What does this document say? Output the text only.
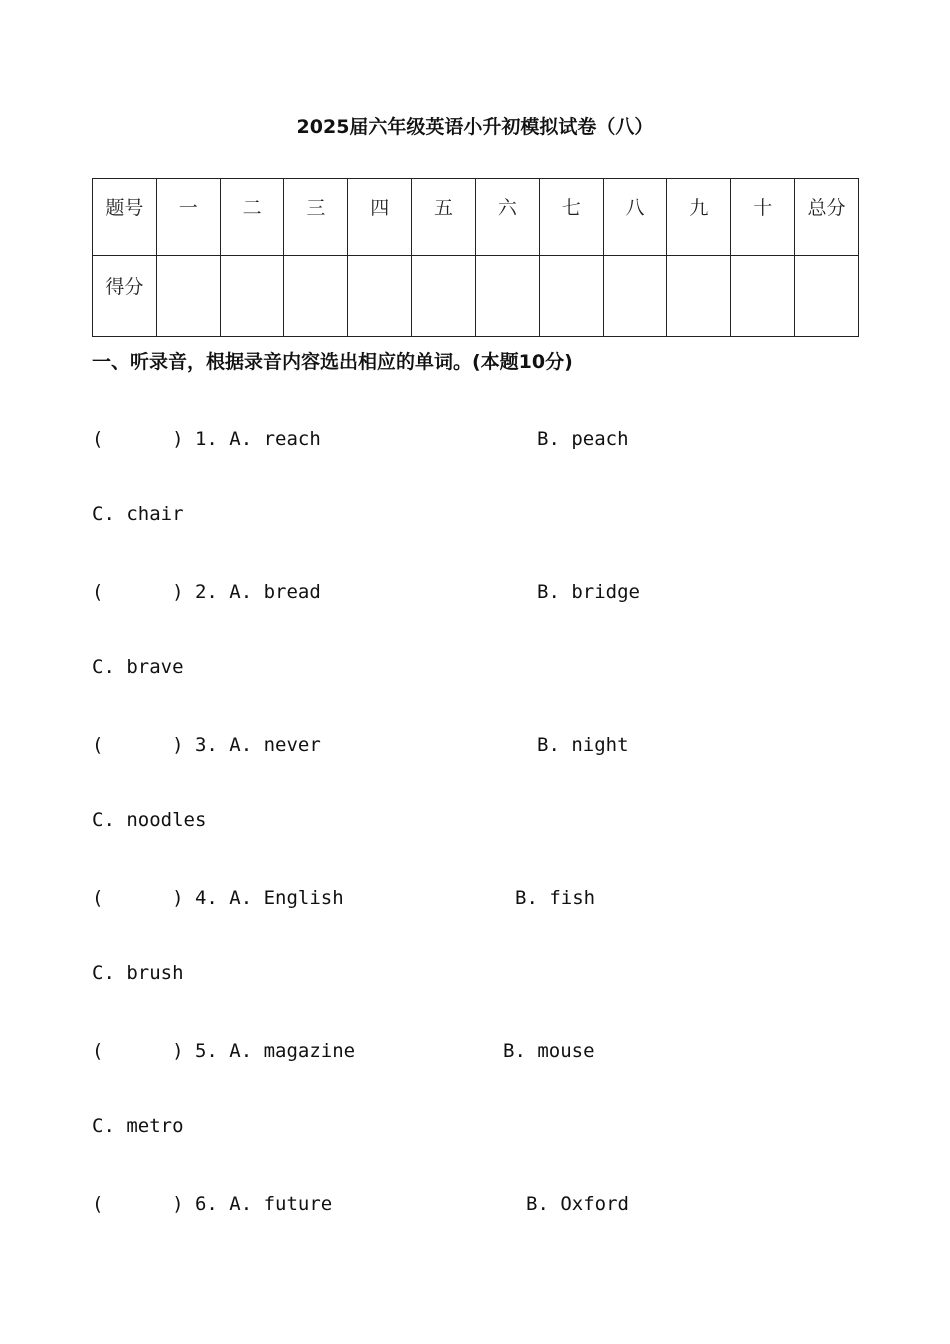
2025届六年级英语小升初模拟试卷（八）
题号	一	二	三	四	五	六	七	八	九	十	总分
得分											
一、听录音，根据录音内容选出相应的单词。(本题10分)
(      ) 1. A. reach	B. peach
C. chair
(      ) 2. A. bread	B. bridge
C. brave
(      ) 3. A. never	B. night
C. noodles
(      ) 4. A. English	B. fish
C. brush
(      ) 5. A. magazine	B. mouse
C. metro
(      ) 6. A. future	B. Oxford
